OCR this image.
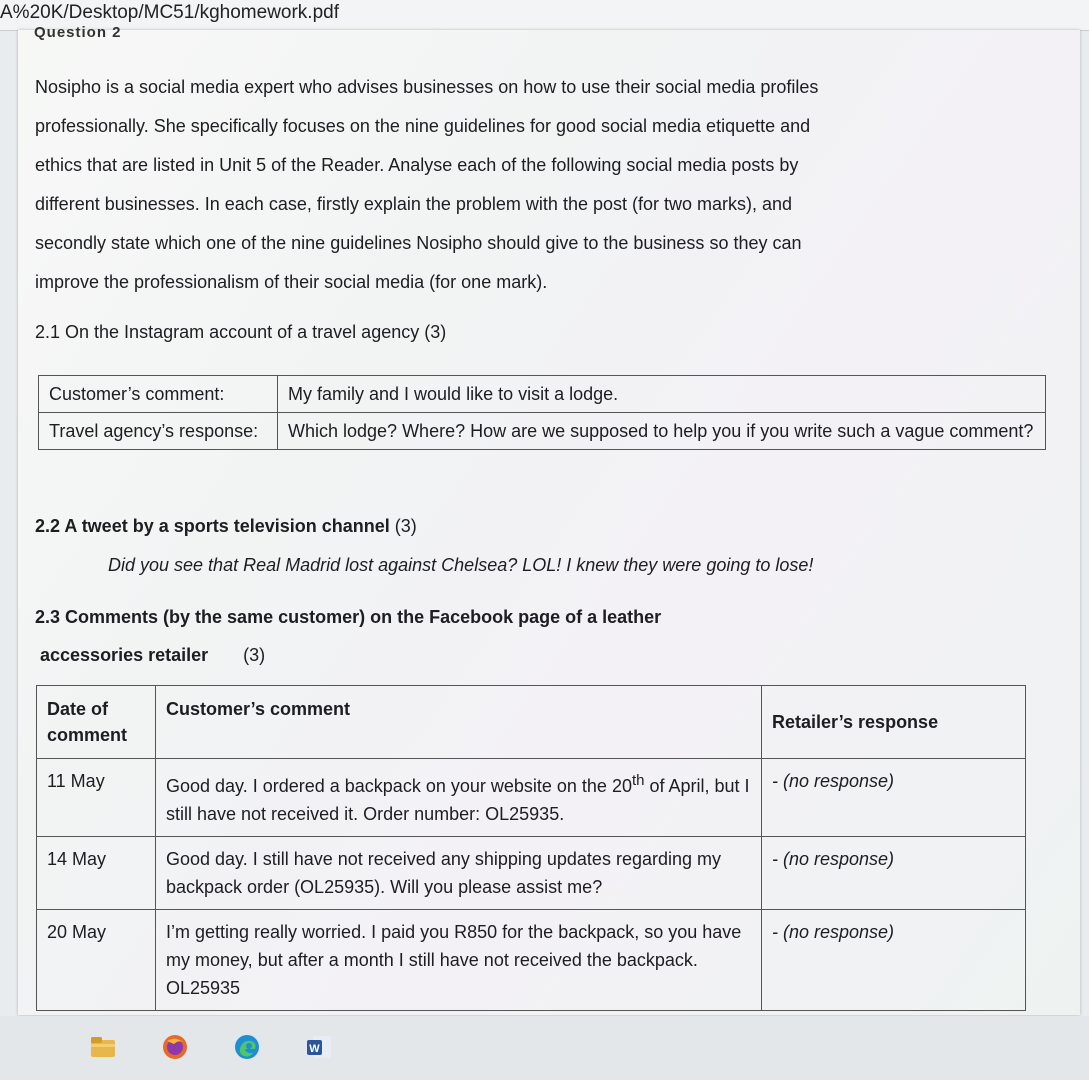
A%20K/Desktop/MC51/kghomework.pdf
Question 2

Nosipho is a social media expert who advises businesses on how to use their social media profiles

professionally. She specifically focuses on the nine guidelines for good social media etiquette and

ethics that are listed in Unit 5 of the Reader. Analyse each of the following social media posts by

different businesses. In each case, firstly explain the problem with the post (for two marks), and

secondly state which one of the nine guidelines Nosipho should give to the business so they can

improve the professionalism of their social media (for one mark).

2.1 On the Instagram account of a travel agency (3)
Customer’s comment:	My family and I would like to visit a lodge.
Travel agency’s response:	Which lodge? Where? How are we supposed to help you if you write such a vague comment?
2.2 A tweet by a sports television channel (3)
Did you see that Real Madrid lost against Chelsea? LOL! I knew they were going to lose!
2.3 Comments (by the same customer) on the Facebook page of a leather
accessories retailer (3)
Date of comment	Customer’s comment	Retailer’s response
11 May	Good day. I ordered a backpack on your website on the 20th of April, but I still have not received it. Order number: OL25935.	- (no response)
14 May	Good day. I still have not received any shipping updates regarding my backpack order (OL25935). Will you please assist me?	- (no response)
20 May	I’m getting really worried. I paid you R850 for the backpack, so you have my money, but after a month I still have not received the backpack. OL25935	- (no response)
W
